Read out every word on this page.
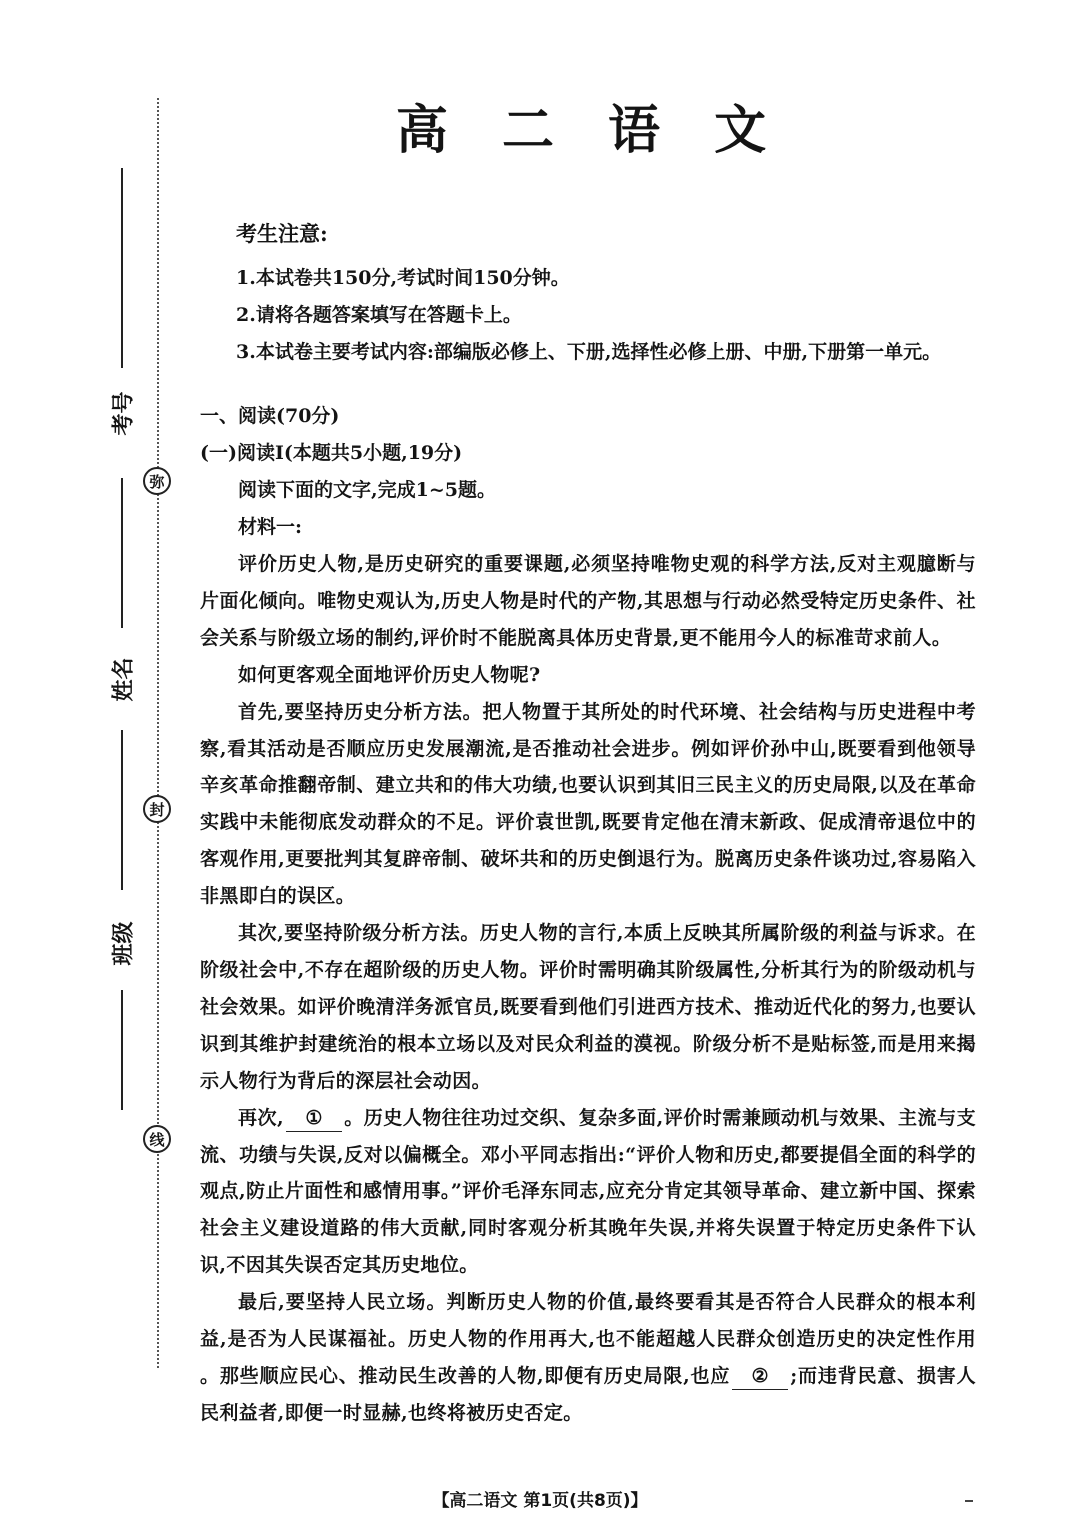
考号
姓名
班级
弥
封
线
高 二 语 文
考生注意:
1.本试卷共150分,考试时间150分钟。
2.请将各题答案填写在答题卡上。
3.本试卷主要考试内容:部编版必修上、下册,选择性必修上册、中册,下册第一单元。
一、阅读(70分)
(一)阅读Ⅰ(本题共5小题,19分)

阅读下面的文字,完成1~5题。

材料一:

评价历史人物,是历史研究的重要课题,必须坚持唯物史观的科学方法,反对主观臆断与片面化倾向。唯物史观认为,历史人物是时代的产物,其思想与行动必然受特定历史条件、社会关系与阶级立场的制约,评价时不能脱离具体历史背景,更不能用今人的标准苛求前人。

如何更客观全面地评价历史人物呢?

首先,要坚持历史分析方法。把人物置于其所处的时代环境、社会结构与历史进程中考察,看其活动是否顺应历史发展潮流,是否推动社会进步。例如评价孙中山,既要看到他领导辛亥革命推翻帝制、建立共和的伟大功绩,也要认识到其旧三民主义的历史局限,以及在革命实践中未能彻底发动群众的不足。评价袁世凯,既要肯定他在清末新政、促成清帝退位中的客观作用,更要批判其复辟帝制、破坏共和的历史倒退行为。脱离历史条件谈功过,容易陷入非黑即白的误区。

其次,要坚持阶级分析方法。历史人物的言行,本质上反映其所属阶级的利益与诉求。在阶级社会中,不存在超阶级的历史人物。评价时需明确其阶级属性,分析其行为的阶级动机与社会效果。如评价晚清洋务派官员,既要看到他们引进西方技术、推动近代化的努力,也要认识到其维护封建统治的根本立场以及对民众利益的漠视。阶级分析不是贴标签,而是用来揭示人物行为背后的深层社会动因。

再次, ① 。历史人物往往功过交织、复杂多面,评价时需兼顾动机与效果、主流与支流、功绩与失误,反对以偏概全。邓小平同志指出:“评价人物和历史,都要提倡全面的科学的观点,防止片面性和感情用事。”评价毛泽东同志,应充分肯定其领导革命、建立新中国、探索社会主义建设道路的伟大贡献,同时客观分析其晚年失误,并将失误置于特定历史条件下认识,不因其失误否定其历史地位。

最后,要坚持人民立场。判断历史人物的价值,最终要看其是否符合人民群众的根本利益,是否为人民谋福祉。历史人物的作用再大,也不能超越人民群众创造历史的决定性作用 。那些顺应民心、推动民生改善的人物,即便有历史局限,也应 ② ;而违背民意、损害人民利益者,即便一时显赫,也终将被历史否定。

【高二语文 第1页(共8页)】
